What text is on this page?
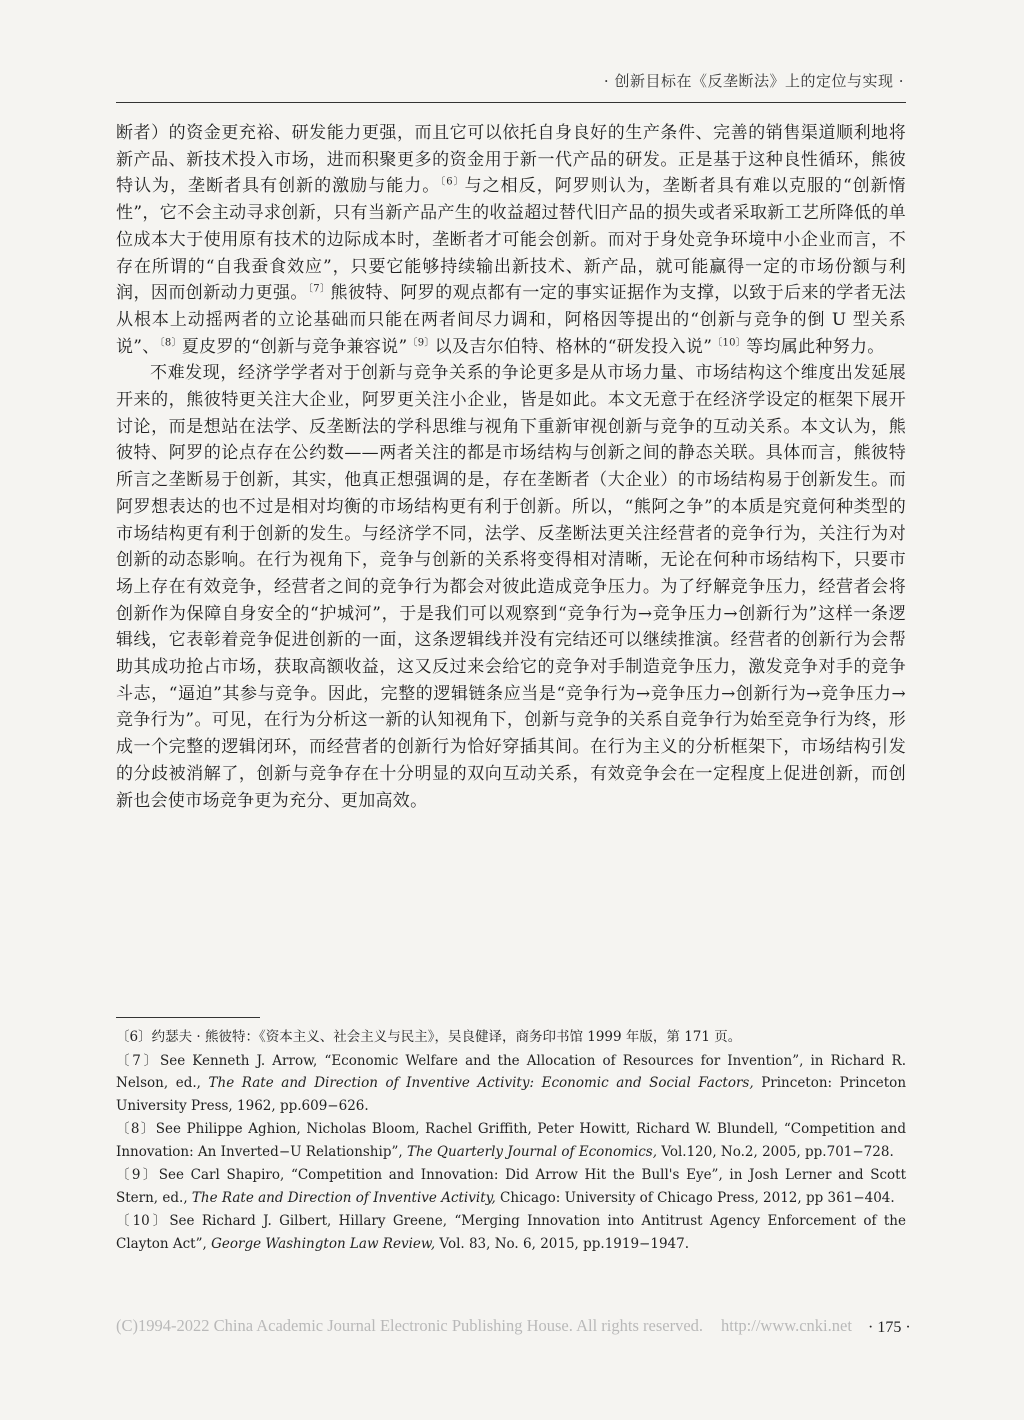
· 创新目标在《反垄断法》上的定位与实现 ·

断者）的资金更充裕、研发能力更强，而且它可以依托自身良好的生产条件、完善的销售渠道顺利地将新产品、新技术投入市场，进而积聚更多的资金用于新一代产品的研发。正是基于这种良性循环，熊彼特认为，垄断者具有创新的激励与能力。$^{〔6〕}$与之相反，阿罗则认为，垄断者具有难以克服的“创新惰性”，它不会主动寻求创新，只有当新产品产生的收益超过替代旧产品的损失或者采取新工艺所降低的单位成本大于使用原有技术的边际成本时，垄断者才可能会创新。而对于身处竞争环境中小企业而言，不存在所谓的“自我蚕食效应”，只要它能够持续输出新技术、新产品，就可能赢得一定的市场份额与利润，因而创新动力更强。$^{〔7〕}$熊彼特、阿罗的观点都有一定的事实证据作为支撑，以致于后来的学者无法从根本上动摇两者的立论基础而只能在两者间尽力调和，阿格因等提出的“创新与竞争的倒 U 型关系说”、$^{〔8〕}$夏皮罗的“创新与竞争兼容说”$^{〔9〕}$以及吉尔伯特、格林的“研发投入说”$^{〔10〕}$等均属此种努力。

不难发现，经济学学者对于创新与竞争关系的争论更多是从市场力量、市场结构这个维度出发延展开来的，熊彼特更关注大企业，阿罗更关注小企业，皆是如此。本文无意于在经济学设定的框架下展开讨论，而是想站在法学、反垄断法的学科思维与视角下重新审视创新与竞争的互动关系。本文认为，熊彼特、阿罗的论点存在公约数——两者关注的都是市场结构与创新之间的静态关联。具体而言，熊彼特所言之垄断易于创新，其实，他真正想强调的是，存在垄断者（大企业）的市场结构易于创新发生。而阿罗想表达的也不过是相对均衡的市场结构更有利于创新。所以，“熊阿之争”的本质是究竟何种类型的市场结构更有利于创新的发生。与经济学不同，法学、反垄断法更关注经营者的竞争行为，关注行为对创新的动态影响。在行为视角下，竞争与创新的关系将变得相对清晰，无论在何种市场结构下，只要市场上存在有效竞争，经营者之间的竞争行为都会对彼此造成竞争压力。为了纾解竞争压力，经营者会将创新作为保障自身安全的“护城河”，于是我们可以观察到“竞争行为→竞争压力→创新行为”这样一条逻辑线，它表彰着竞争促进创新的一面，这条逻辑线并没有完结还可以继续推演。经营者的创新行为会帮助其成功抢占市场，获取高额收益，这又反过来会给它的竞争对手制造竞争压力，激发竞争对手的竞争斗志，“逼迫”其参与竞争。因此，完整的逻辑链条应当是“竞争行为→竞争压力→创新行为→竞争压力→竞争行为”。可见，在行为分析这一新的认知视角下，创新与竞争的关系自竞争行为始至竞争行为终，形成一个完整的逻辑闭环，而经营者的创新行为恰好穿插其间。在行为主义的分析框架下，市场结构引发的分歧被消解了，创新与竞争存在十分明显的双向互动关系，有效竞争会在一定程度上促进创新，而创新也会使市场竞争更为充分、更加高效。

〔6〕约瑟夫 · 熊彼特：《资本主义、社会主义与民主》，吴良健译，商务印书馆 1999 年版，第 171 页。
〔7〕See Kenneth J. Arrow, “Economic Welfare and the Allocation of Resources for Invention”, in Richard R. Nelson, ed., The Rate and Direction of Inventive Activity: Economic and Social Factors, Princeton: Princeton University Press, 1962, pp.609−626.
〔8〕See Philippe Aghion, Nicholas Bloom, Rachel Griffith, Peter Howitt, Richard W. Blundell, “Competition and Innovation: An Inverted−U Relationship”, The Quarterly Journal of Economics, Vol.120, No.2, 2005, pp.701−728.
〔9〕See Carl Shapiro, “Competition and Innovation: Did Arrow Hit the Bull's Eye”, in Josh Lerner and Scott Stern, ed., The Rate and Direction of Inventive Activity, Chicago: University of Chicago Press, 2012, pp 361−404.
〔10〕See Richard J. Gilbert, Hillary Greene, “Merging Innovation into Antitrust Agency Enforcement of the Clayton Act”, George Washington Law Review, Vol. 83, No. 6, 2015, pp.1919−1947.
(C)1994-2022 China Academic Journal Electronic Publishing House. All rights reserved. http://www.cnki.net	· 175 ·
